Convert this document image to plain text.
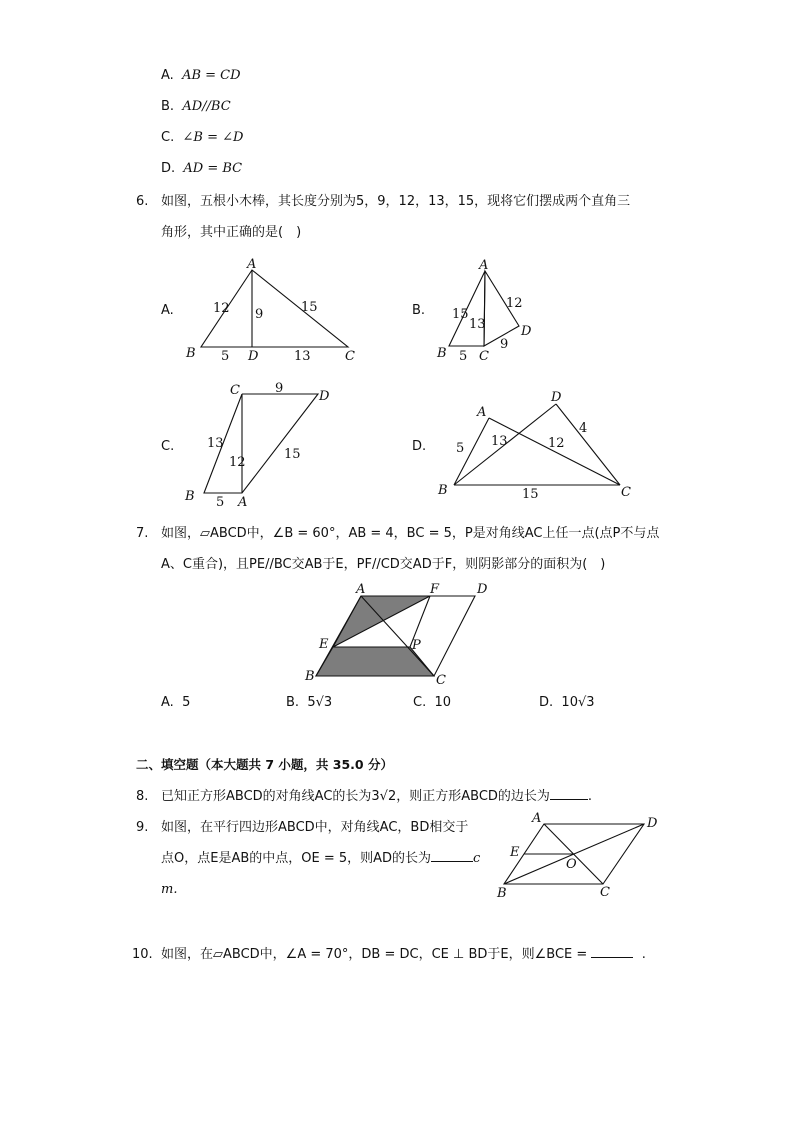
A. AB = CD
B. AD//BC
C. ∠B = ∠D
D. AD = BC
6. 如图，五根小木棒，其长度分别为5，9，12，13，15，现将它们摆成两个直角三
角形，其中正确的是(　)
A.	B.
C.	D.
A
B	D	C
12 9	15
5	13
A
B C
D
15
13
12
5
9
C	D
B	A
9
13
12
15
5
A
D
B	C
5 13	12
4
15
7. 如图，▱ABCD中，∠B = 60°，AB = 4，BC = 5，P是对角线AC上任一点(点P不与点
A、C重合)，且PE//BC交AB于E，PF//CD交AD于F，则阴影部分的面积为(　)
A	F	D
E	P
B	C
A. 5	B. 5√3	C. 10	D. 10√3
二、填空题（本大题共 7 小题，共 35.0 分）
8. 已知正方形ABCD的对角线AC的长为3√2，则正方形ABCD的边长为	.
9. 如图，在平行四边形ABCD中，对角线AC，BD相交于
点O，点E是AB的中点，OE = 5，则AD的长为	c
m.
A	D
E
O
B	C
10. 如图，在▱ABCD中，∠A = 70°，DB = DC，CE ⊥ BD于E，则∠BCE =	.
